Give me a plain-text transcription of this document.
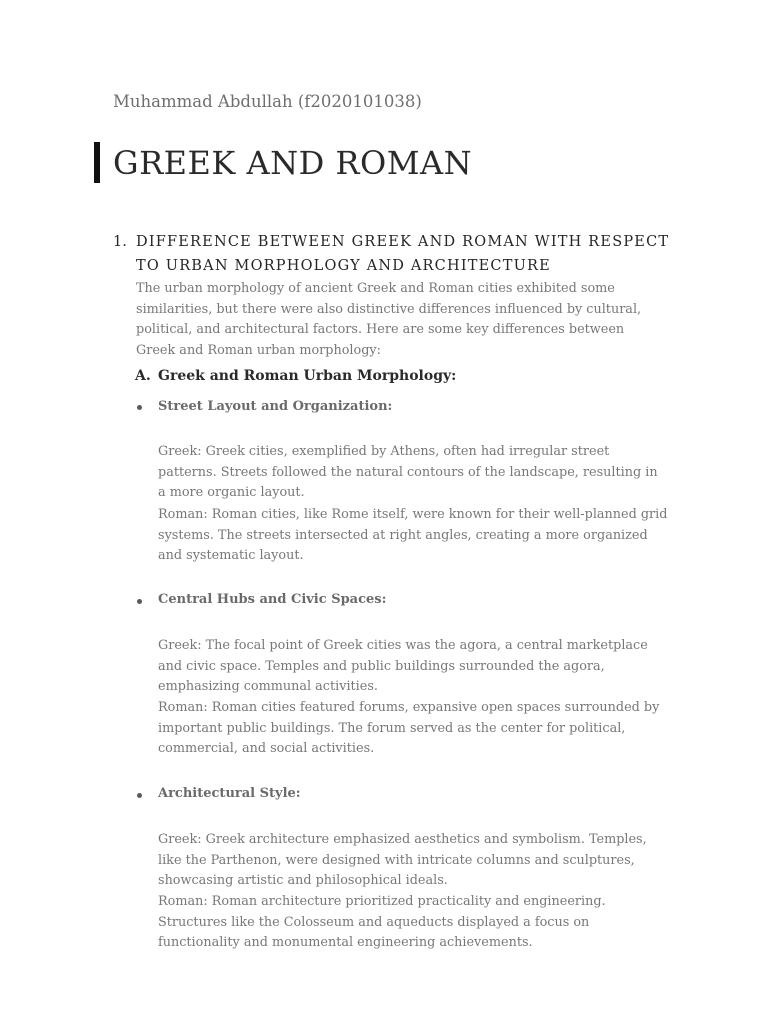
Muhammad Abdullah (f2020101038)
GREEK AND ROMAN
1. DIFFERENCE BETWEEN GREEK AND ROMAN WITH RESPECT TO URBAN MORPHOLOGY AND ARCHITECTURE
The urban morphology of ancient Greek and Roman cities exhibited some similarities, but there were also distinctive differences influenced by cultural, political, and architectural factors. Here are some key differences between Greek and Roman urban morphology:
A. Greek and Roman Urban Morphology:
Street Layout and Organization:
Greek: Greek cities, exemplified by Athens, often had irregular street patterns. Streets followed the natural contours of the landscape, resulting in a more organic layout.
Roman: Roman cities, like Rome itself, were known for their well-planned grid systems. The streets intersected at right angles, creating a more organized and systematic layout.
Central Hubs and Civic Spaces:
Greek: The focal point of Greek cities was the agora, a central marketplace and civic space. Temples and public buildings surrounded the agora, emphasizing communal activities.
Roman: Roman cities featured forums, expansive open spaces surrounded by important public buildings. The forum served as the center for political, commercial, and social activities.
Architectural Style:
Greek: Greek architecture emphasized aesthetics and symbolism. Temples, like the Parthenon, were designed with intricate columns and sculptures, showcasing artistic and philosophical ideals.
Roman: Roman architecture prioritized practicality and engineering. Structures like the Colosseum and aqueducts displayed a focus on functionality and monumental engineering achievements.
